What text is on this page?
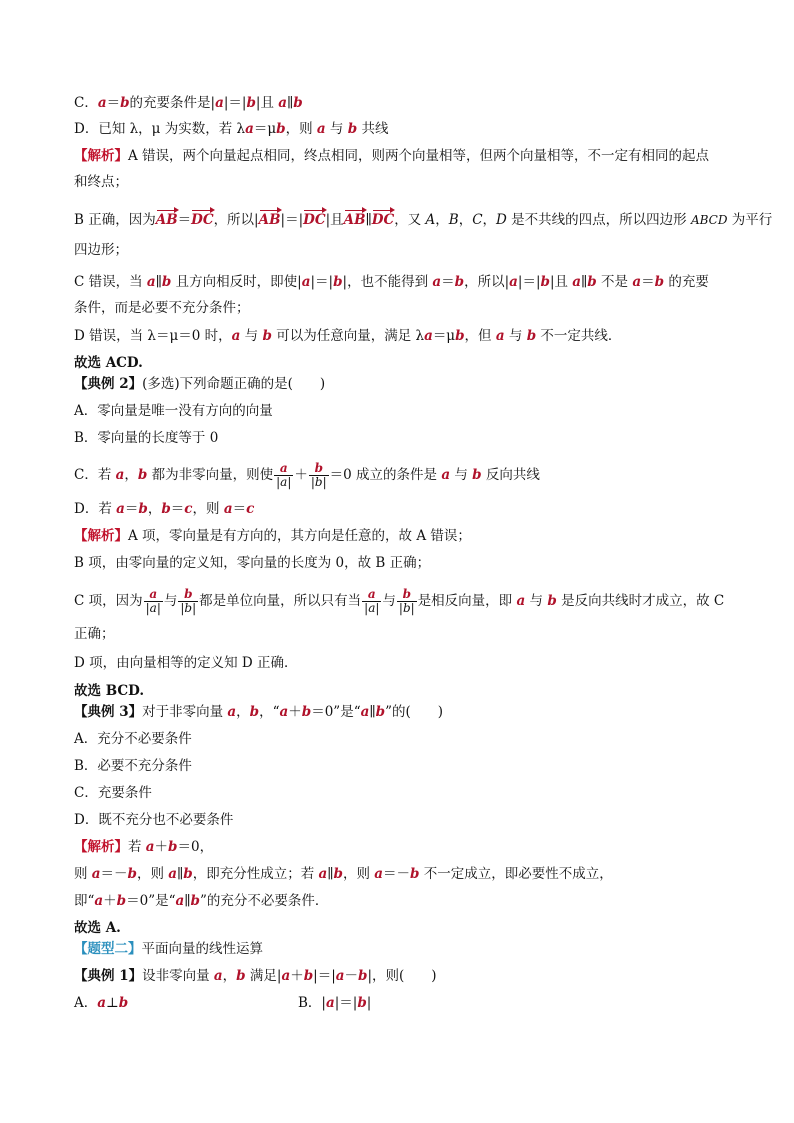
C．a＝b的充要条件是|a|＝|b|且 a∥b
D．已知 λ，μ 为实数，若 λa＝μb，则 a 与 b 共线
【解析】A 错误，两个向量起点相同，终点相同，则两个向量相等，但两个向量相等，不一定有相同的起点
和终点；
B 正确，因为AB＝DC，所以|AB|＝|DC|且AB∥DC，又 A，B，C，D 是不共线的四点，所以四边形 ABCD 为平行
四边形；
C 错误，当 a∥b 且方向相反时，即使|a|＝|b|，也不能得到 a＝b，所以|a|＝|b|且 a∥b 不是 a＝b 的充要
条件，而是必要不充分条件；
D 错误，当 λ＝μ＝0 时，a 与 b 可以为任意向量，满足 λa＝μb，但 a 与 b 不一定共线．
故选 ACD.
【典例 2】(多选)下列命题正确的是(　　)
A．零向量是唯一没有方向的向量
B．零向量的长度等于 0
C．若 a，b 都为非零向量，则使 $\frac{a}{|a|} + \frac{b}{|b|} =0$ 成立的条件是 a 与 b 反向共线
D．若 a＝b，b＝c，则 a＝c
【解析】A 项，零向量是有方向的，其方向是任意的，故 A 错误；
B 项，由零向量的定义知，零向量的长度为 0，故 B 正确；
C 项，因为 $\frac{a}{|a|}$ 与 $\frac{b}{|b|}$ 都是单位向量，所以只有当 $\frac{a}{|a|}$ 与 $\frac{b}{|b|}$ 是相反向量，即 a 与 b 是反向共线时才成立，故 C
正确；
D 项，由向量相等的定义知 D 正确．
故选 BCD.
【典例 3】对于非零向量 a，b，“a＋b＝0”是“a∥b”的(　　)
A．充分不必要条件
B．必要不充分条件
C．充要条件
D．既不充分也不必要条件
【解析】若 a＋b＝0，
则 a＝－b，则 a∥b，即充分性成立；若 a∥b，则 a＝－b 不一定成立，即必要性不成立，
即“a＋b＝0”是“a∥b”的充分不必要条件．
故选 A.
【题型二】平面向量的线性运算
【典例 1】设非零向量 a，b 满足|a＋b|＝|a－b|，则(　　)
A．a⊥b	B．|a|＝|b|
